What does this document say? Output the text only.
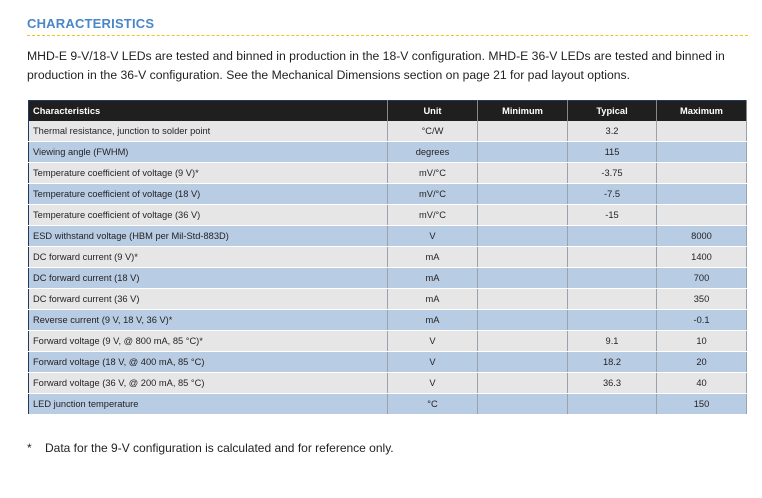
CHARACTERISTICS
MHD-E 9-V/18-V LEDs are tested and binned in production in the 18-V configuration. MHD-E 36-V LEDs are tested and binned in production in the 36-V configuration. See the Mechanical Dimensions section on page 21 for pad layout options.
Characteristics	Unit	Minimum	Typical	Maximum
Thermal resistance, junction to solder point	°C/W		3.2	
Viewing angle (FWHM)	degrees		115	
Temperature coefficient of voltage (9 V)*	mV/°C		-3.75	
Temperature coefficient of voltage (18 V)	mV/°C		-7.5	
Temperature coefficient of voltage (36 V)	mV/°C		-15	
ESD withstand voltage (HBM per Mil-Std-883D)	V			8000
DC forward current (9 V)*	mA			1400
DC forward current (18 V)	mA			700
DC forward current (36 V)	mA			350
Reverse current (9 V, 18 V, 36 V)*	mA			-0.1
Forward voltage (9 V, @ 800 mA, 85 °C)*	V		9.1	10
Forward voltage (18 V, @ 400 mA, 85 °C)	V		18.2	20
Forward voltage (36 V, @ 200 mA, 85 °C)	V		36.3	40
LED junction temperature	°C			150
* Data for the 9-V configuration is calculated and for reference only.
